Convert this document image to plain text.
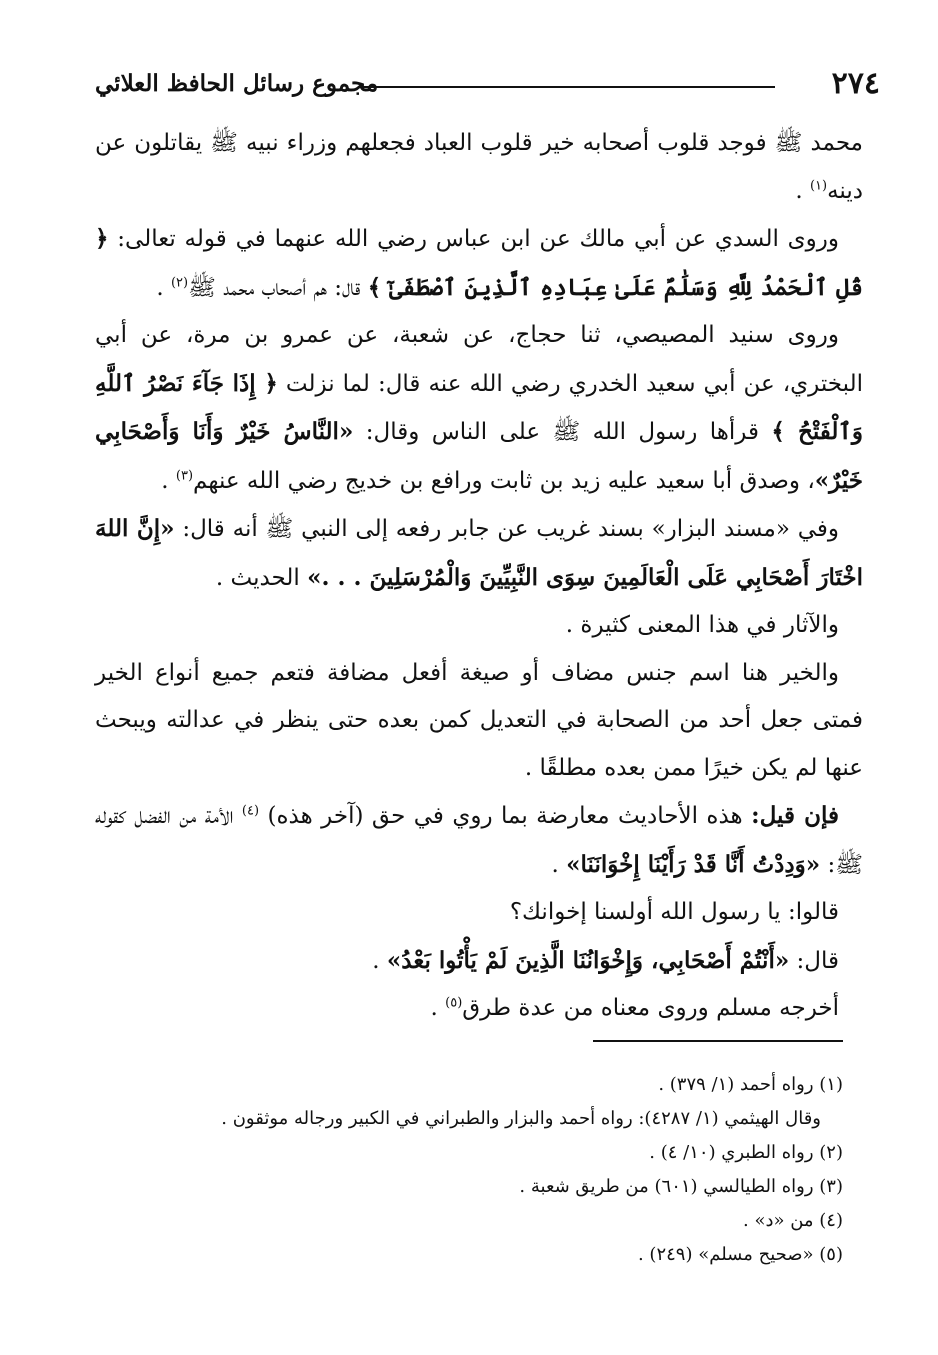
٢٧٤
مجموع رسائل الحافظ العلائي

محمد ﷺ فوجد قلوب أصحابه خير قلوب العباد فجعلهم وزراء نبيه ﷺ يقاتلون عن دينه$^{(١)}$ .

وروى السدي عن أبي مالك عن ابن عباس رضي الله عنهما في قوله تعالى: ﴿ قُلِ ٱلْحَمْدُ لِلَّهِ وَسَلَٰمٌ عَلَىٰ عِبَادِهِ ٱلَّذِينَ ٱصْطَفَىٰٓ ﴾ قال: هم أصحاب محمد ﷺ$^{(٢)}$ .

وروى سنيد المصيصي، ثنا حجاج، عن شعبة، عن عمرو بن مرة، عن أبي البختري، عن أبي سعيد الخدري رضي الله عنه قال: لما نزلت ﴿ إِذَا جَآءَ نَصْرُ ٱللَّهِ وَٱلْفَتْحُ ﴾ قرأها رسول الله ﷺ على الناس وقال: «النَّاسُ خَيْرٌ وَأَنَا وَأَصْحَابِي خَيْرٌ»، وصدق أبا سعيد عليه زيد بن ثابت ورافع بن خديج رضي الله عنهم$^{(٣)}$ .

وفي «مسند البزار» بسند غريب عن جابر رفعه إلى النبي ﷺ أنه قال: «إِنَّ اللهَ اخْتَارَ أَصْحَابِي عَلَى الْعَالَمِينَ سِوَى النَّبِيِّينَ وَالْمُرْسَلِينَ . . .» الحديث .

والآثار في هذا المعنى كثيرة .

والخير هنا اسم جنس مضاف أو صيغة أفعل مضافة فتعم جميع أنواع الخير فمتى جعل أحد من الصحابة في التعديل كمن بعده حتى ينظر في عدالته ويبحث عنها لم يكن خيرًا ممن بعده مطلقًا .

فإن قيل: هذه الأحاديث معارضة بما روي في حق (آخر هذه) $^{(٤)}$ الأمة من الفضل كقوله ﷺ: «وَدِدْتُ أَنَّا قَدْ رَأَيْنَا إِخْوَانَنَا» .

قالوا: يا رسول الله أولسنا إخوانك؟

قال: «أَنْتُمْ أَصْحَابِي، وَإِخْوَانُنَا الَّذِينَ لَمْ يَأْتُوا بَعْدُ» .

أخرجه مسلم وروى معناه من عدة طرق$^{(٥)}$ .

(١) رواه أحمد (١/ ٣٧٩) .

وقال الهيثمي (١/ ٤٢٨٧): رواه أحمد والبزار والطبراني في الكبير ورجاله موثقون .

(٢) رواه الطبري (١٠/ ٤) .

(٣) رواه الطيالسي (٦٠١) من طريق شعبة .

(٤) من «د» .

(٥) «صحيح مسلم» (٢٤٩) .
